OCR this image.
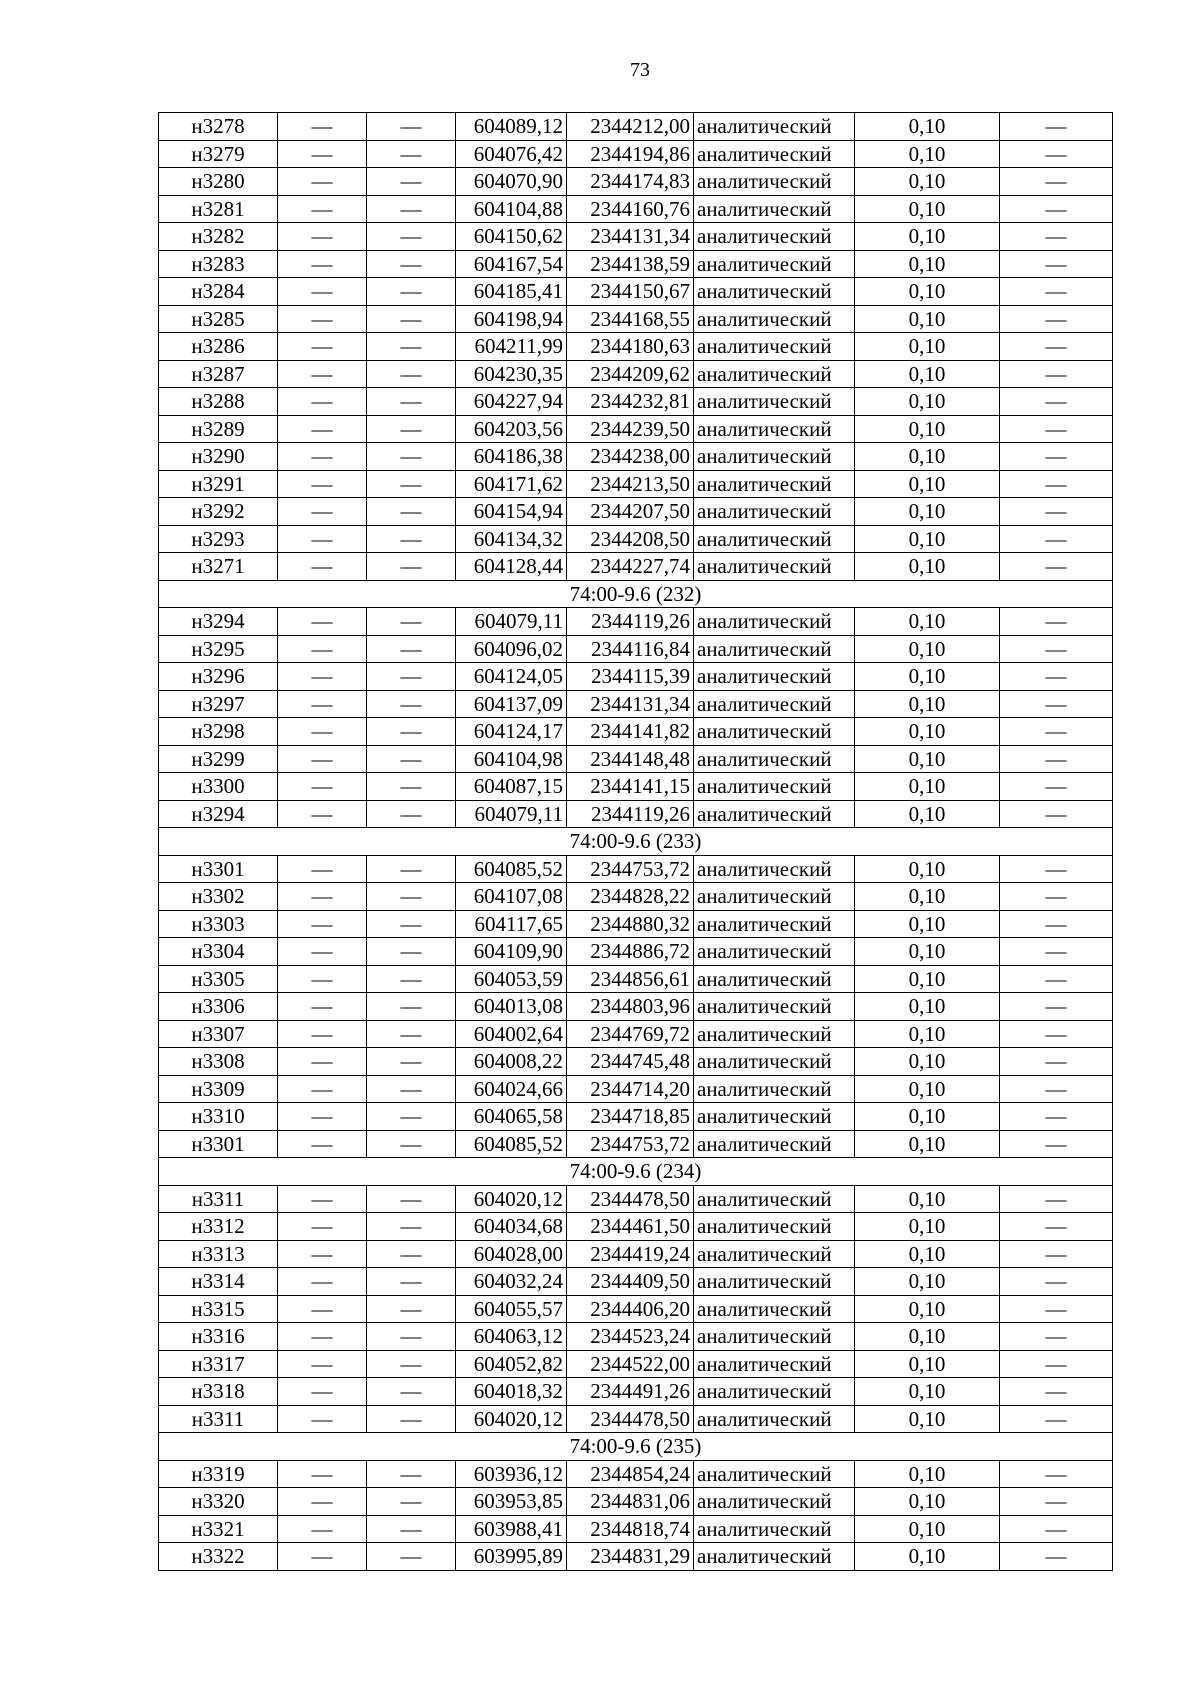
73
н3278	—	—	604089,12	2344212,00	аналитический	0,10	—
н3279	—	—	604076,42	2344194,86	аналитический	0,10	—
н3280	—	—	604070,90	2344174,83	аналитический	0,10	—
н3281	—	—	604104,88	2344160,76	аналитический	0,10	—
н3282	—	—	604150,62	2344131,34	аналитический	0,10	—
н3283	—	—	604167,54	2344138,59	аналитический	0,10	—
н3284	—	—	604185,41	2344150,67	аналитический	0,10	—
н3285	—	—	604198,94	2344168,55	аналитический	0,10	—
н3286	—	—	604211,99	2344180,63	аналитический	0,10	—
н3287	—	—	604230,35	2344209,62	аналитический	0,10	—
н3288	—	—	604227,94	2344232,81	аналитический	0,10	—
н3289	—	—	604203,56	2344239,50	аналитический	0,10	—
н3290	—	—	604186,38	2344238,00	аналитический	0,10	—
н3291	—	—	604171,62	2344213,50	аналитический	0,10	—
н3292	—	—	604154,94	2344207,50	аналитический	0,10	—
н3293	—	—	604134,32	2344208,50	аналитический	0,10	—
н3271	—	—	604128,44	2344227,74	аналитический	0,10	—
74:00-9.6 (232)							
н3294	—	—	604079,11	2344119,26	аналитический	0,10	—
н3295	—	—	604096,02	2344116,84	аналитический	0,10	—
н3296	—	—	604124,05	2344115,39	аналитический	0,10	—
н3297	—	—	604137,09	2344131,34	аналитический	0,10	—
н3298	—	—	604124,17	2344141,82	аналитический	0,10	—
н3299	—	—	604104,98	2344148,48	аналитический	0,10	—
н3300	—	—	604087,15	2344141,15	аналитический	0,10	—
н3294	—	—	604079,11	2344119,26	аналитический	0,10	—
74:00-9.6 (233)							
н3301	—	—	604085,52	2344753,72	аналитический	0,10	—
н3302	—	—	604107,08	2344828,22	аналитический	0,10	—
н3303	—	—	604117,65	2344880,32	аналитический	0,10	—
н3304	—	—	604109,90	2344886,72	аналитический	0,10	—
н3305	—	—	604053,59	2344856,61	аналитический	0,10	—
н3306	—	—	604013,08	2344803,96	аналитический	0,10	—
н3307	—	—	604002,64	2344769,72	аналитический	0,10	—
н3308	—	—	604008,22	2344745,48	аналитический	0,10	—
н3309	—	—	604024,66	2344714,20	аналитический	0,10	—
н3310	—	—	604065,58	2344718,85	аналитический	0,10	—
н3301	—	—	604085,52	2344753,72	аналитический	0,10	—
74:00-9.6 (234)							
н3311	—	—	604020,12	2344478,50	аналитический	0,10	—
н3312	—	—	604034,68	2344461,50	аналитический	0,10	—
н3313	—	—	604028,00	2344419,24	аналитический	0,10	—
н3314	—	—	604032,24	2344409,50	аналитический	0,10	—
н3315	—	—	604055,57	2344406,20	аналитический	0,10	—
н3316	—	—	604063,12	2344523,24	аналитический	0,10	—
н3317	—	—	604052,82	2344522,00	аналитический	0,10	—
н3318	—	—	604018,32	2344491,26	аналитический	0,10	—
н3311	—	—	604020,12	2344478,50	аналитический	0,10	—
74:00-9.6 (235)							
н3319	—	—	603936,12	2344854,24	аналитический	0,10	—
н3320	—	—	603953,85	2344831,06	аналитический	0,10	—
н3321	—	—	603988,41	2344818,74	аналитический	0,10	—
н3322	—	—	603995,89	2344831,29	аналитический	0,10	—
